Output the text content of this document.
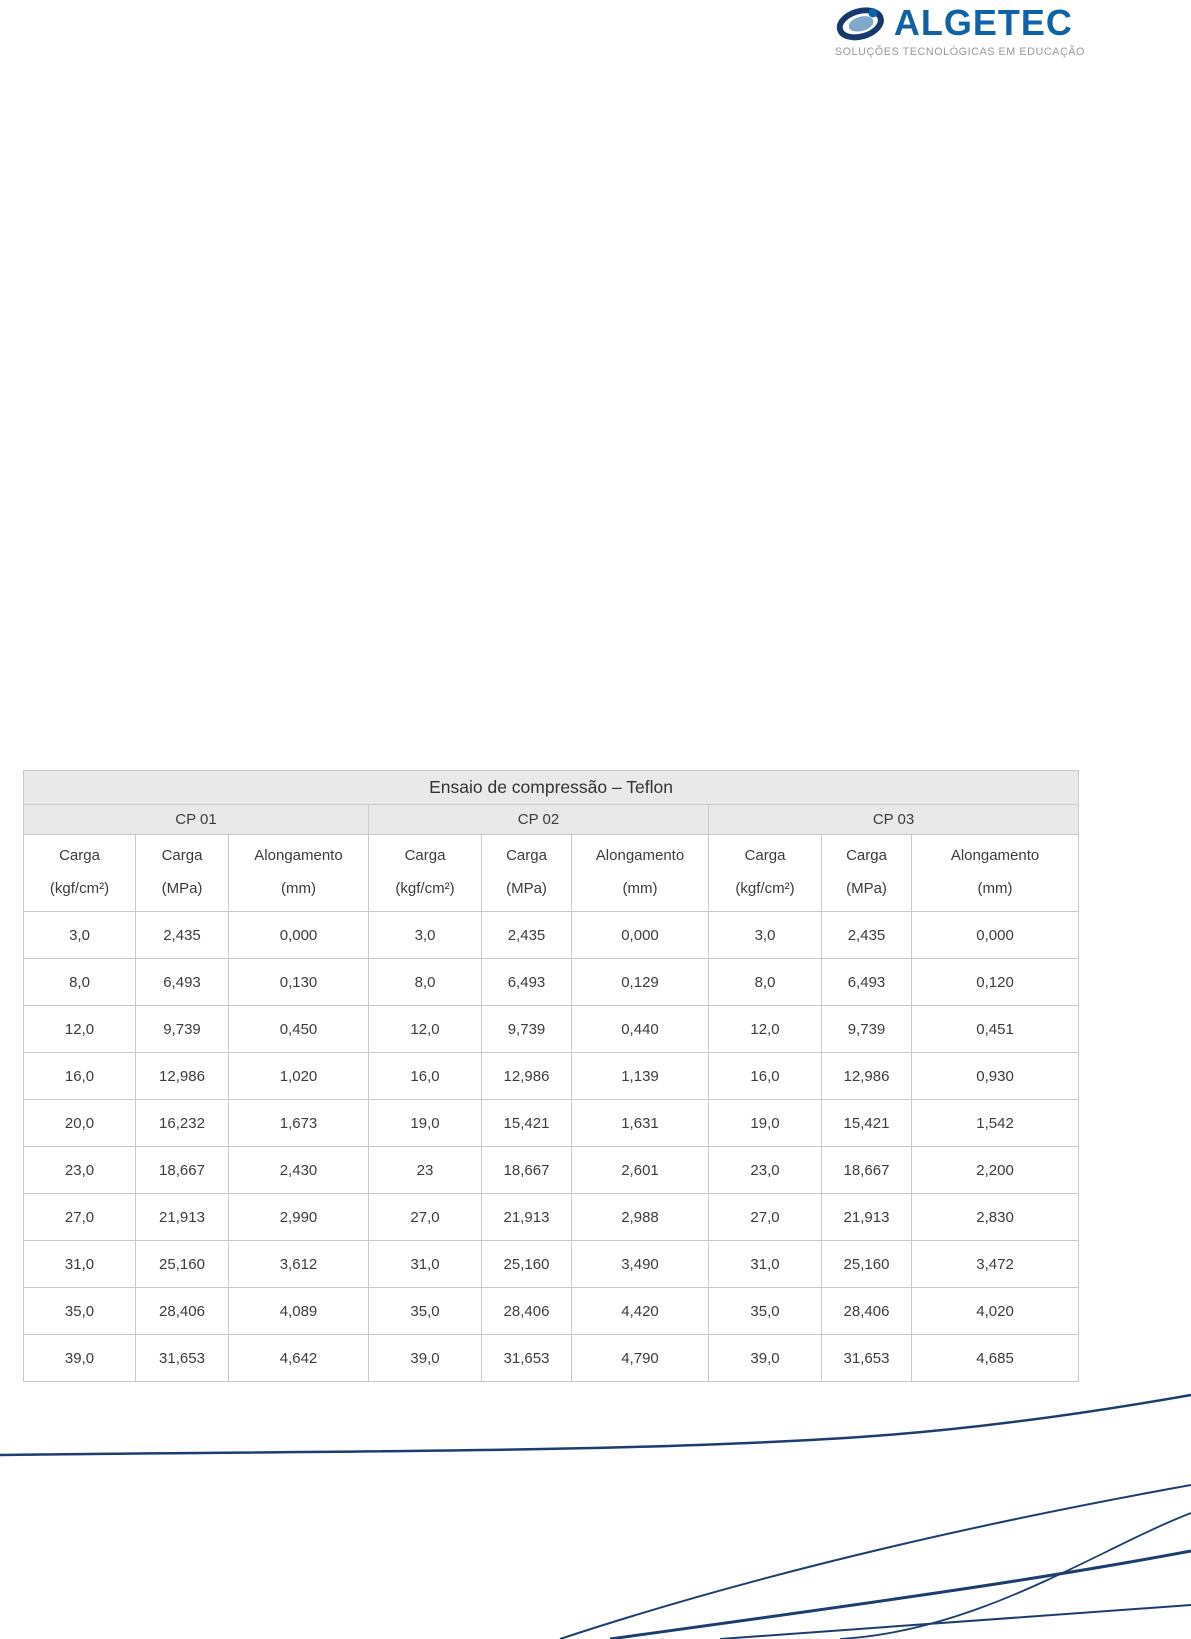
ALGETEC
SOLUÇÕES TECNOLÓGICAS EM EDUCAÇÃO
Ensaio de compressão – Teflon								
CP 01			CP 02			CP 03		

Carga
(kgf/cm²)

Carga
(MPa)

Alongamento
(mm)

Carga
(kgf/cm²)

Carga
(MPa)

Alongamento
(mm)

Carga
(kgf/cm²)

Carga
(MPa)

Alongamento
(mm)

3,0	2,435	0,000	3,0	2,435	0,000	3,0	2,435	0,000
8,0	6,493	0,130	8,0	6,493	0,129	8,0	6,493	0,120
12,0	9,739	0,450	12,0	9,739	0,440	12,0	9,739	0,451
16,0	12,986	1,020	16,0	12,986	1,139	16,0	12,986	0,930
20,0	16,232	1,673	19,0	15,421	1,631	19,0	15,421	1,542
23,0	18,667	2,430	23	18,667	2,601	23,0	18,667	2,200
27,0	21,913	2,990	27,0	21,913	2,988	27,0	21,913	2,830
31,0	25,160	3,612	31,0	25,160	3,490	31,0	25,160	3,472
35,0	28,406	4,089	35,0	28,406	4,420	35,0	28,406	4,020
39,0	31,653	4,642	39,0	31,653	4,790	39,0	31,653	4,685
